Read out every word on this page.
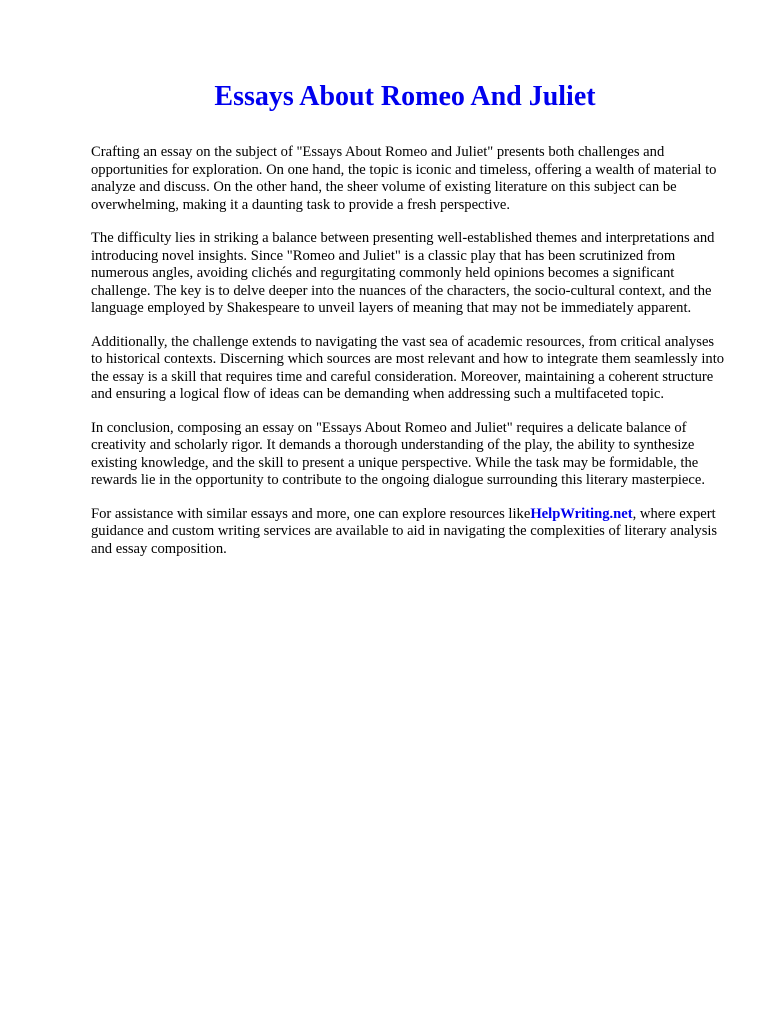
Essays About Romeo And Juliet

Crafting an essay on the subject of "Essays About Romeo and Juliet" presents both challenges and opportunities for exploration. On one hand, the topic is iconic and timeless, offering a wealth of material to analyze and discuss. On the other hand, the sheer volume of existing literature on this subject can be overwhelming, making it a daunting task to provide a fresh perspective.

The difficulty lies in striking a balance between presenting well-established themes and interpretations and introducing novel insights. Since "Romeo and Juliet" is a classic play that has been scrutinized from numerous angles, avoiding clichés and regurgitating commonly held opinions becomes a significant challenge. The key is to delve deeper into the nuances of the characters, the socio-cultural context, and the language employed by Shakespeare to unveil layers of meaning that may not be immediately apparent.

Additionally, the challenge extends to navigating the vast sea of academic resources, from critical analyses to historical contexts. Discerning which sources are most relevant and how to integrate them seamlessly into the essay is a skill that requires time and careful consideration. Moreover, maintaining a coherent structure and ensuring a logical flow of ideas can be demanding when addressing such a multifaceted topic.

In conclusion, composing an essay on "Essays About Romeo and Juliet" requires a delicate balance of creativity and scholarly rigor. It demands a thorough understanding of the play, the ability to synthesize existing knowledge, and the skill to present a unique perspective. While the task may be formidable, the rewards lie in the opportunity to contribute to the ongoing dialogue surrounding this literary masterpiece.

For assistance with similar essays and more, one can explore resources likeHelpWriting.net, where expert guidance and custom writing services are available to aid in navigating the complexities of literary analysis and essay composition.
